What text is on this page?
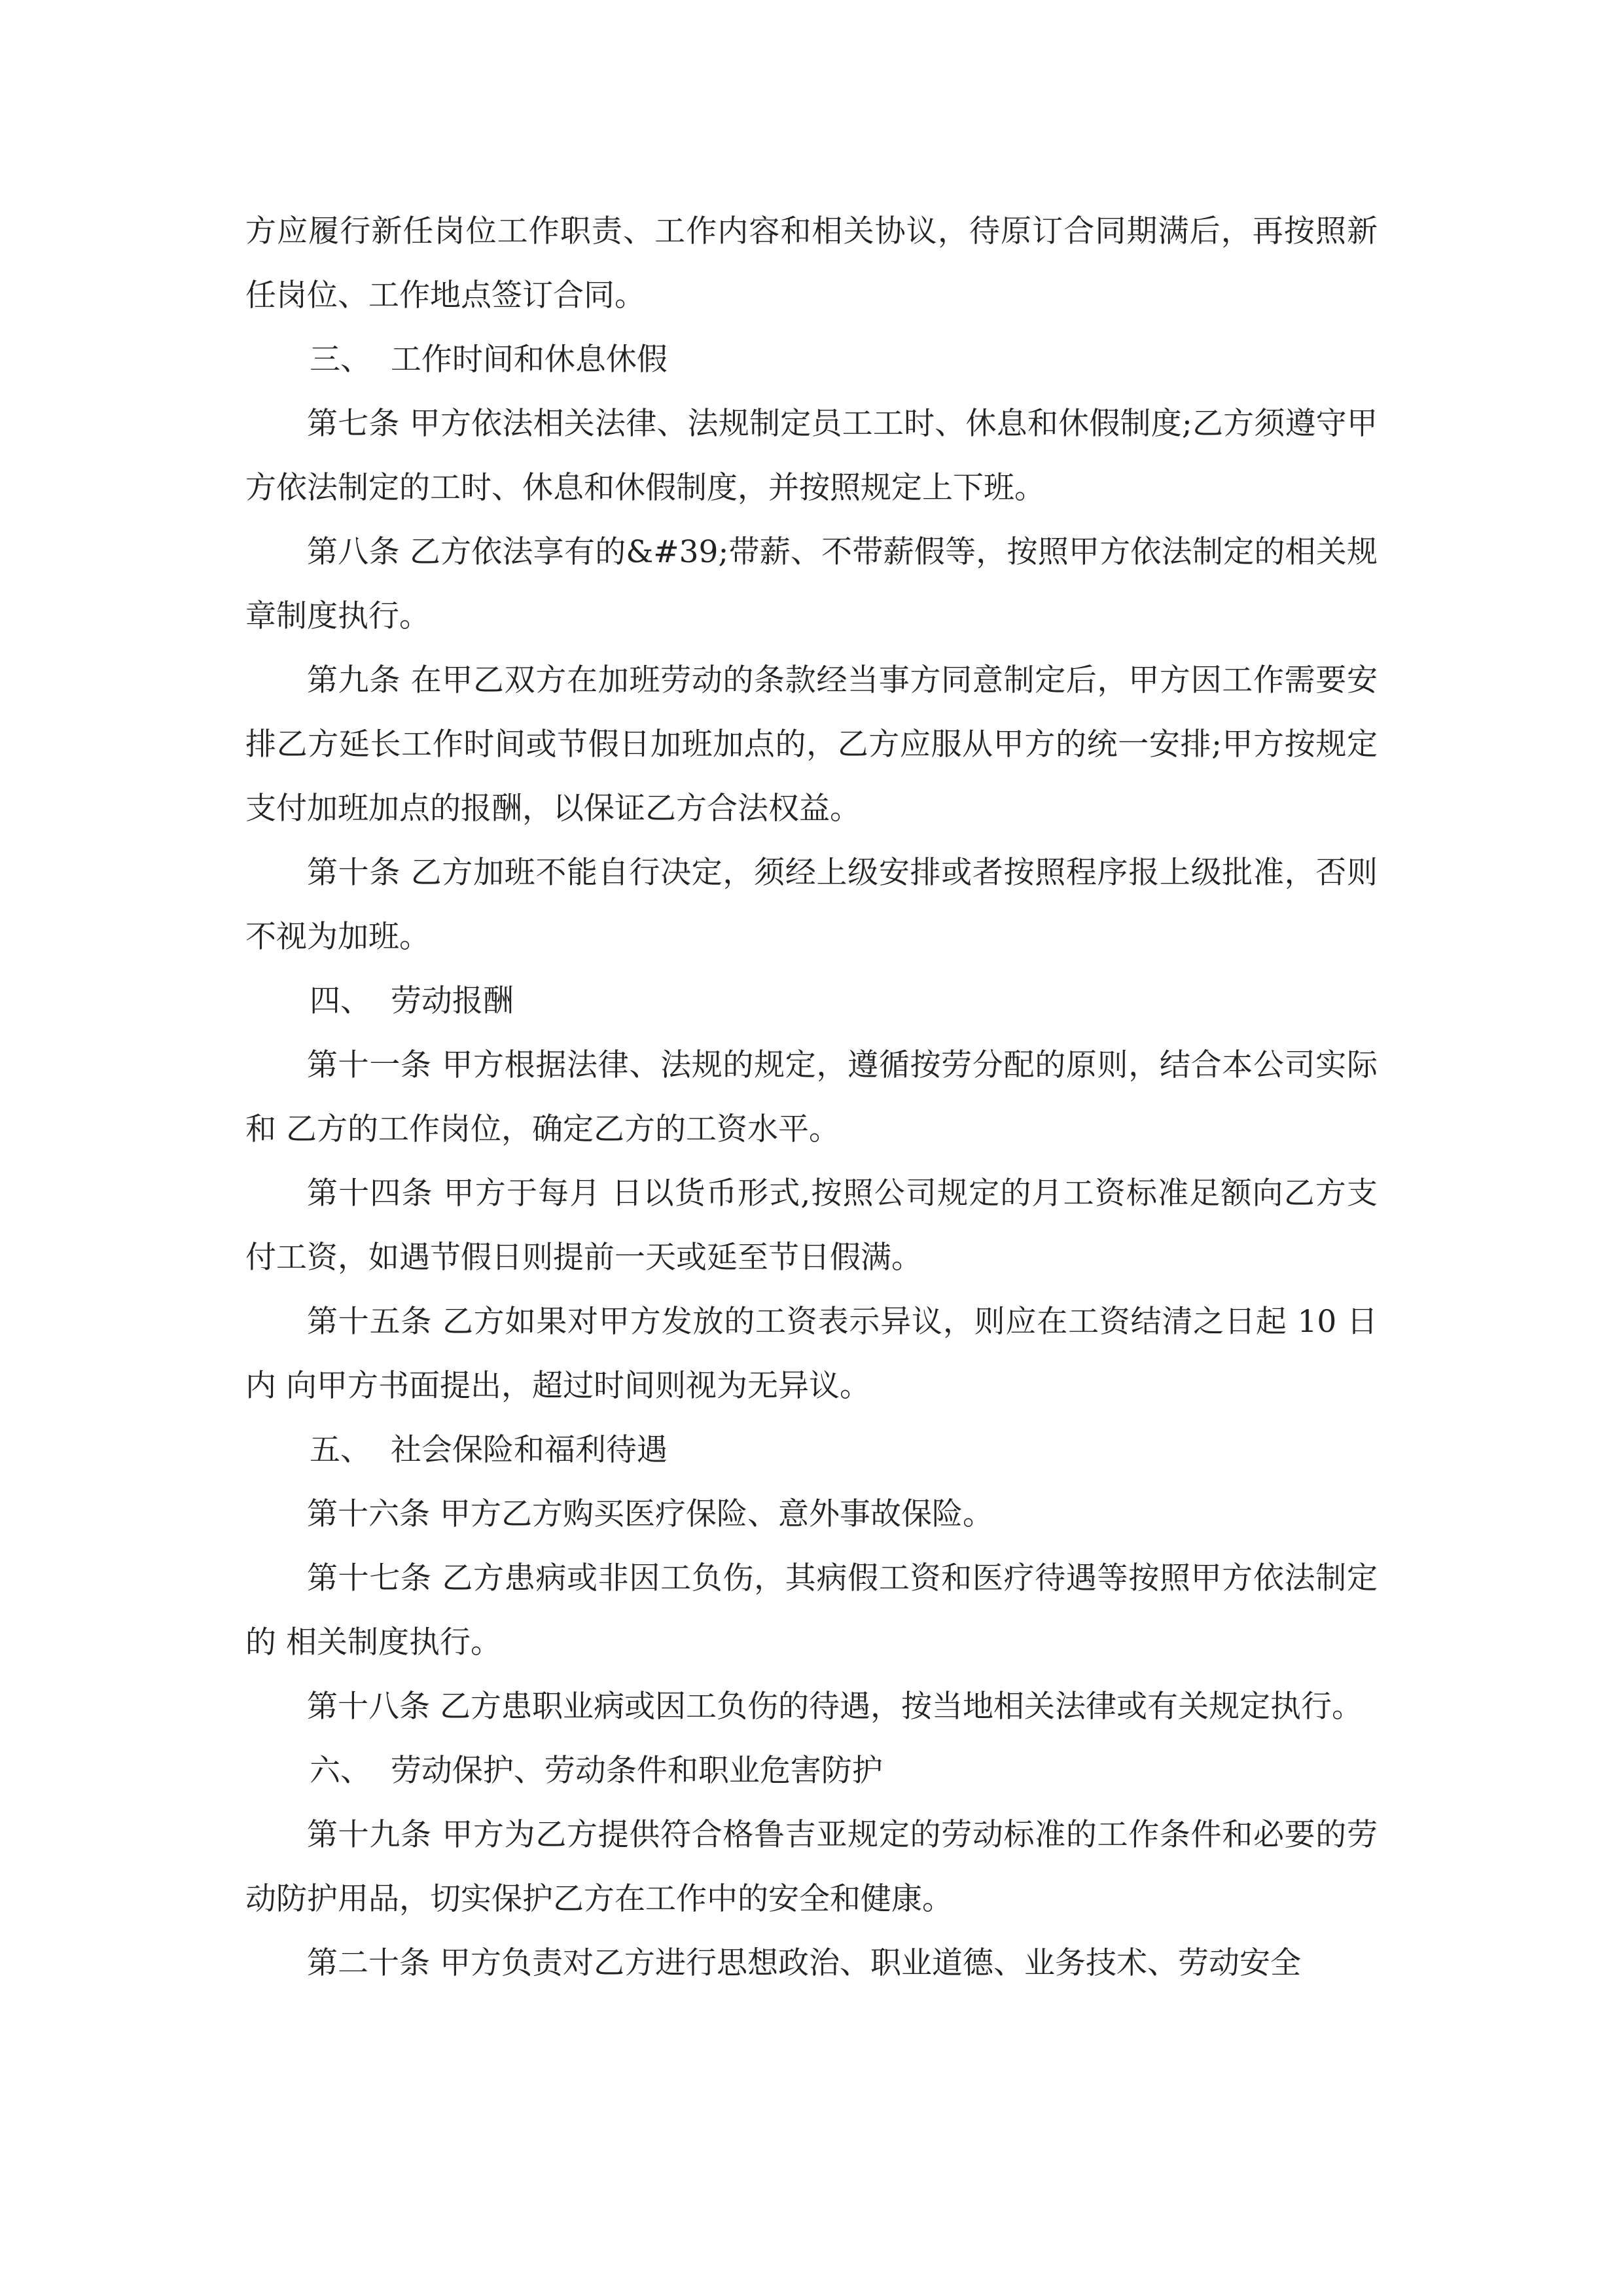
方应履行新任岗位工作职责、工作内容和相关协议，待原订合同期满后，再按照新任岗位、工作地点签订合同。

三、  工作时间和休息休假

第七条 甲方依法相关法律、法规制定员工工时、休息和休假制度;乙方须遵守甲方依法制定的工时、休息和休假制度，并按照规定上下班。

第八条 乙方依法享有的&#39;带薪、不带薪假等，按照甲方依法制定的相关规章制度执行。

第九条 在甲乙双方在加班劳动的条款经当事方同意制定后，甲方因工作需要安排乙方延长工作时间或节假日加班加点的，乙方应服从甲方的统一安排;甲方按规定支付加班加点的报酬，以保证乙方合法权益。

第十条 乙方加班不能自行决定，须经上级安排或者按照程序报上级批准，否则不视为加班。

四、  劳动报酬

第十一条 甲方根据法律、法规的规定，遵循按劳分配的原则，结合本公司实际和 乙方的工作岗位，确定乙方的工资水平。

第十四条 甲方于每月 日以货币形式,按照公司规定的月工资标准足额向乙方支付工资，如遇节假日则提前一天或延至节日假满。

第十五条 乙方如果对甲方发放的工资表示异议，则应在工资结清之日起 10 日内 向甲方书面提出，超过时间则视为无异议。

五、  社会保险和福利待遇

第十六条 甲方乙方购买医疗保险、意外事故保险。

第十七条 乙方患病或非因工负伤，其病假工资和医疗待遇等按照甲方依法制定的 相关制度执行。

第十八条 乙方患职业病或因工负伤的待遇，按当地相关法律或有关规定执行。

六、  劳动保护、劳动条件和职业危害防护

第十九条 甲方为乙方提供符合格鲁吉亚规定的劳动标准的工作条件和必要的劳动防护用品，切实保护乙方在工作中的安全和健康。

第二十条 甲方负责对乙方进行思想政治、职业道德、业务技术、劳动安全
